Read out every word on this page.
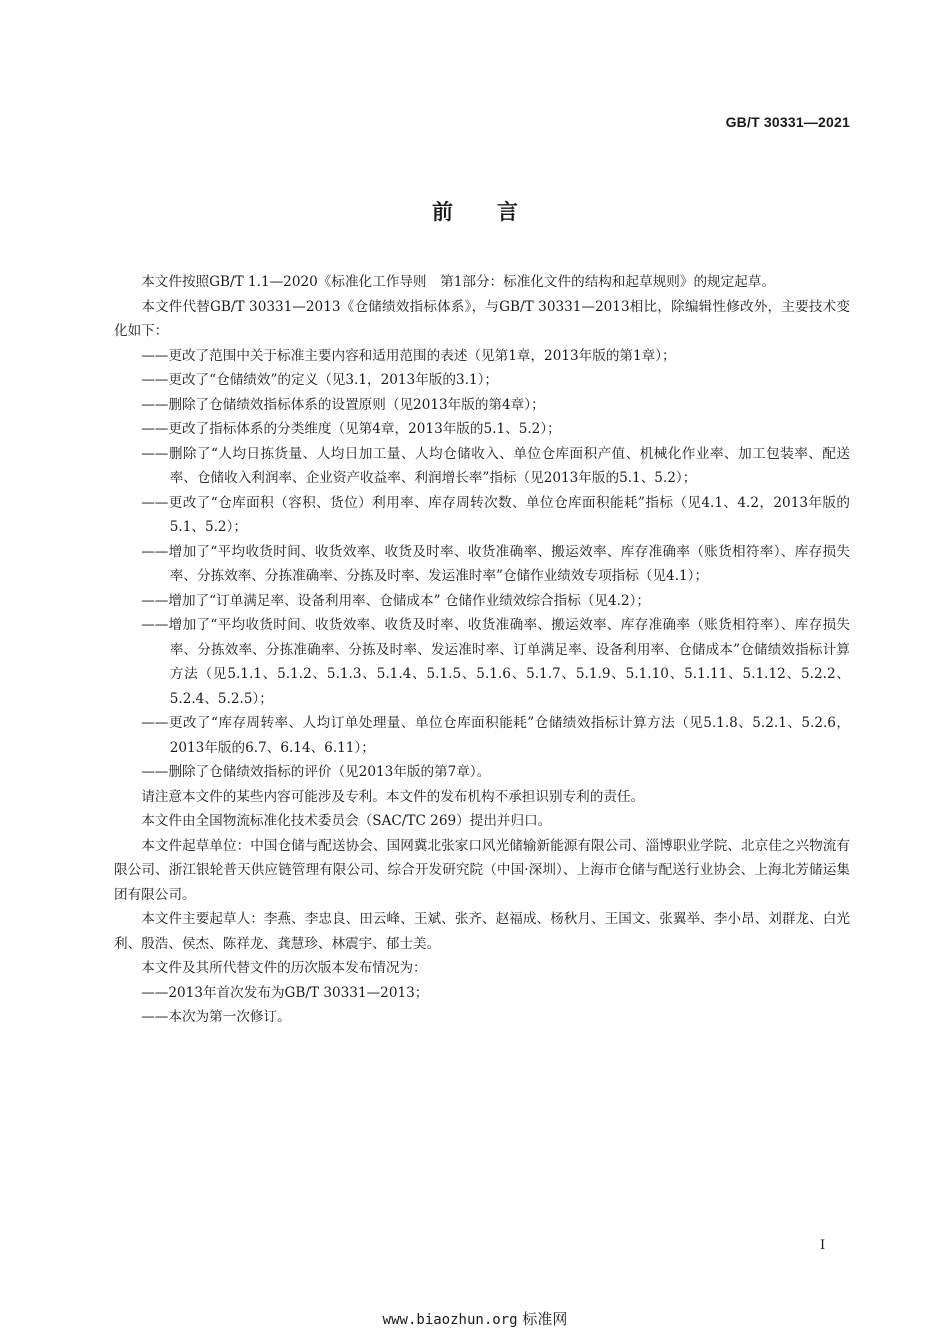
GB/T 30331—2021
前言

本文件按照GB/T 1.1—2020《标准化工作导则　第1部分：标准化文件的结构和起草规则》的规定起草。

本文件代替GB/T 30331—2013《仓储绩效指标体系》，与GB/T 30331—2013相比，除编辑性修改外，主要技术变化如下：

——更改了范围中关于标准主要内容和适用范围的表述（见第1章，2013年版的第1章）；

——更改了“仓储绩效”的定义（见3.1，2013年版的3.1）；

——删除了仓储绩效指标体系的设置原则（见2013年版的第4章）；

——更改了指标体系的分类维度（见第4章，2013年版的5.1、5.2）；

——删除了“人均日拣货量、人均日加工量、人均仓储收入、单位仓库面积产值、机械化作业率、加工包装率、配送率、仓储收入利润率、企业资产收益率、利润增长率”指标（见2013年版的5.1、5.2）；

——更改了“仓库面积（容积、货位）利用率、库存周转次数、单位仓库面积能耗”指标（见4.1、4.2，2013年版的5.1、5.2）；

——增加了“平均收货时间、收货效率、收货及时率、收货准确率、搬运效率、库存准确率（账货相符率）、库存损失率、分拣效率、分拣准确率、分拣及时率、发运准时率”仓储作业绩效专项指标（见4.1）；

——增加了“订单满足率、设备利用率、仓储成本” 仓储作业绩效综合指标（见4.2）；

——增加了“平均收货时间、收货效率、收货及时率、收货准确率、搬运效率、库存准确率（账货相符率）、库存损失率、分拣效率、分拣准确率、分拣及时率、发运准时率、订单满足率、设备利用率、仓储成本”仓储绩效指标计算方法（见5.1.1、5.1.2、5.1.3、5.1.4、5.1.5、5.1.6、5.1.7、5.1.9、5.1.10、5.1.11、5.1.12、5.2.2、5.2.4、5.2.5）；

——更改了“库存周转率、人均订单处理量、单位仓库面积能耗”仓储绩效指标计算方法（见5.1.8、5.2.1、5.2.6，2013年版的6.7、6.14、6.11）；

——删除了仓储绩效指标的评价（见2013年版的第7章）。

请注意本文件的某些内容可能涉及专利。本文件的发布机构不承担识别专利的责任。

本文件由全国物流标准化技术委员会（SAC/TC 269）提出并归口。

本文件起草单位：中国仓储与配送协会、国网冀北张家口风光储输新能源有限公司、淄博职业学院、北京佳之兴物流有限公司、浙江银轮普天供应链管理有限公司、综合开发研究院（中国·深圳）、上海市仓储与配送行业协会、上海北芳储运集团有限公司。

本文件主要起草人：李燕、李忠良、田云峰、王斌、张齐、赵福成、杨秋月、王国文、张翼举、李小昂、刘群龙、白光利、殷浩、侯杰、陈祥龙、龚慧珍、林震宇、郁士美。

本文件及其所代替文件的历次版本发布情况为：

——2013年首次发布为GB/T 30331—2013；

——本次为第一次修订。

I
www.biaozhun.org 标准网
